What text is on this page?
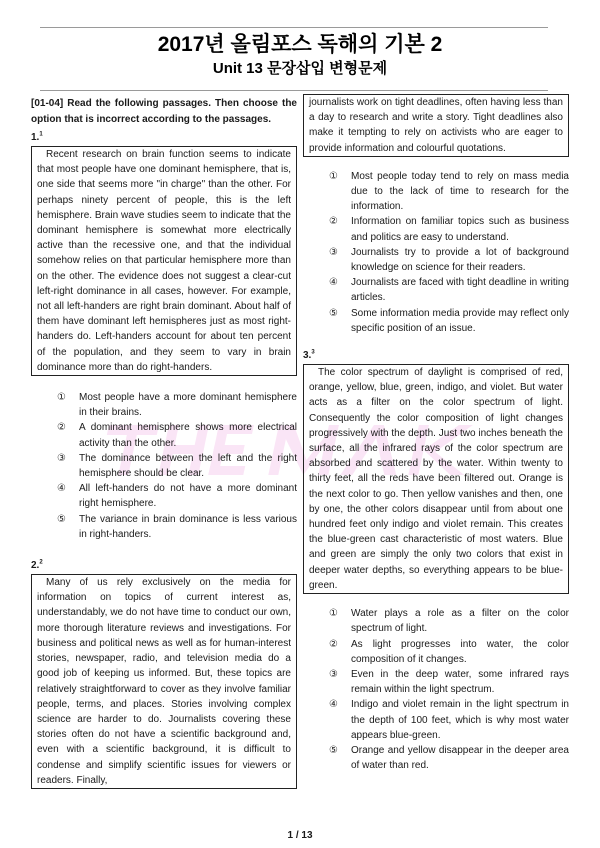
2017년 올림포스 독해의 기본 2
Unit 13 문장삽입 변형문제
[01-04] Read the following passages. Then choose the option that is incorrect according to the passages.
1.$^1$

Recent research on brain function seems to indicate that most people have one dominant hemisphere, that is, one side that seems more "in charge" than the other. For perhaps ninety percent of people, this is the left hemisphere. Brain wave studies seem to indicate that the dominant hemisphere is somewhat more electrically active than the recessive one, and that the individual somehow relies on that particular hemisphere more than on the other. The evidence does not suggest a clear-cut left-right dominance in all cases, however. For example, not all left-handers are right brain dominant. About half of them have dominant left hemispheres just as most right-handers do. Left-handers account for about ten percent of the population, and they seem to vary in brain dominance more than do right-handers.

①	Most people have a more dominant hemisphere in their brains.
②	A dominant hemisphere shows more electrical activity than the other.
③	The dominance between the left and the right hemisphere should be clear.
④	All left-handers do not have a more dominant right hemisphere.
⑤	The variance in brain dominance is less various in right-handers.
2.$^2$

Many of us rely exclusively on the media for information on topics of current interest as, understandably, we do not have time to conduct our own, more thorough literature reviews and investigations. For business and political news as well as for human-interest stories, newspaper, radio, and television media do a good job of keeping us informed. But, these topics are relatively straightforward to cover as they involve familiar people, terms, and places. Stories involving complex science are harder to do. Journalists covering these stories often do not have a scientific background and, even with a scientific background, it is difficult to condense and simplify scientific issues for viewers or readers. Finally,

journalists work on tight deadlines, often having less than a day to research and write a story. Tight deadlines also make it tempting to rely on activists who are eager to provide information and colourful quotations.

①	Most people today tend to rely on mass media due to the lack of time to research for the information.
②	Information on familiar topics such as business and politics are easy to understand.
③	Journalists try to provide a lot of background knowledge on science for their readers.
④	Journalists are faced with tight deadline in writing articles.
⑤	Some information media provide may reflect only specific position of an issue.
3.$^3$

The color spectrum of daylight is comprised of red, orange, yellow, blue, green, indigo, and violet. But water acts as a filter on the color spectrum of light. Consequently the color composition of light changes progressively with the depth. Just two inches beneath the surface, all the infrared rays of the color spectrum are absorbed and scattered by the water. Within twenty to thirty feet, all the reds have been filtered out. Orange is the next color to go. Then yellow vanishes and then, one by one, the other colors disappear until from about one hundred feet only indigo and violet remain. This creates the blue-green cast characteristic of most waters. Blue and green are simply the only two colors that exist in deeper water depths, so everything appears to be blue-green.

①	Water plays a role as a filter on the color spectrum of light.
②	As light progresses into water, the color composition of it changes.
③	Even in the deep water, some infrared rays remain within the light spectrum.
④	Indigo and violet remain in the light spectrum in the depth of 100 feet, which is why most water appears blue-green.
⑤	Orange and yellow disappear in the deeper area of water than red.
1 / 13
